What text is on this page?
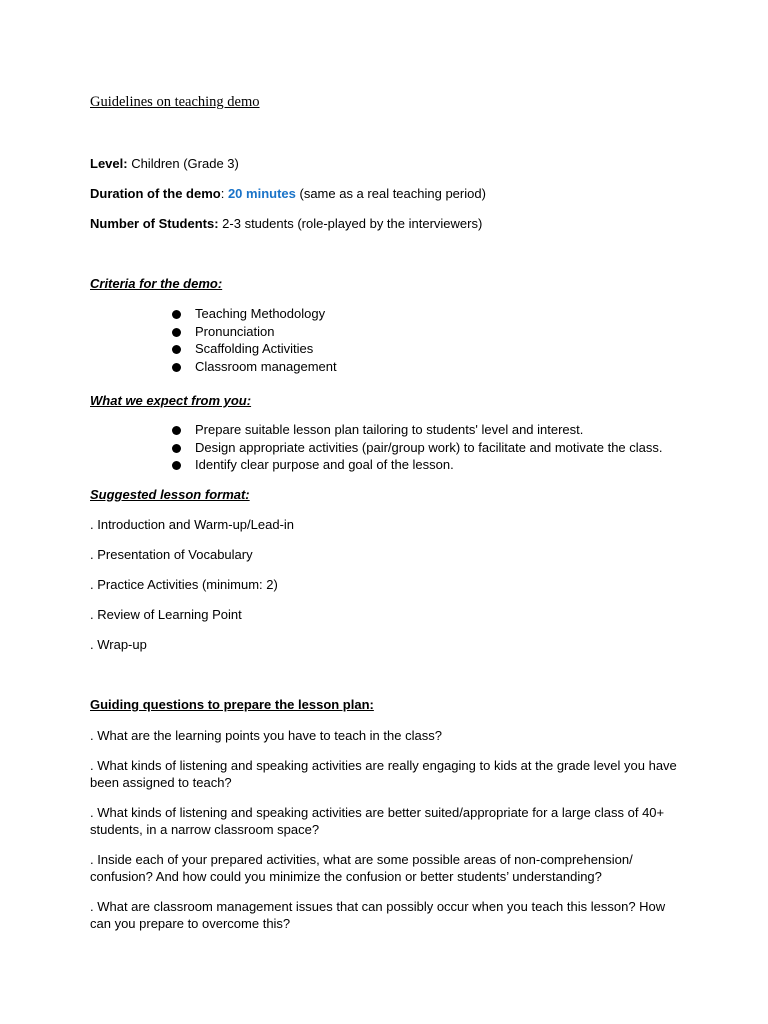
Guidelines on teaching demo
Level: Children (Grade 3)
Duration of the demo: 20 minutes (same as a real teaching period)
Number of Students: 2-3 students (role-played by the interviewers)
Criteria for the demo:
Teaching Methodology
Pronunciation
Scaffolding Activities
Classroom management
What we expect from you:
Prepare suitable lesson plan tailoring to students' level and interest.
Design appropriate activities (pair/group work) to facilitate and motivate the class.
Identify clear purpose and goal of the lesson.
Suggested lesson format:
. Introduction and Warm-up/Lead-in
. Presentation of Vocabulary
. Practice Activities (minimum: 2)
. Review of Learning Point
. Wrap-up
Guiding questions to prepare the lesson plan:
. What are the learning points you have to teach in the class?
. What kinds of listening and speaking activities are really engaging to kids at the grade level you have been assigned to teach?
. What kinds of listening and speaking activities are better suited/appropriate for a large class of 40+ students, in a narrow classroom space?
. Inside each of your prepared activities, what are some possible areas of non-comprehension/ confusion? And how could you minimize the confusion or better students’ understanding?
. What are classroom management issues that can possibly occur when you teach this lesson? How can you prepare to overcome this?
